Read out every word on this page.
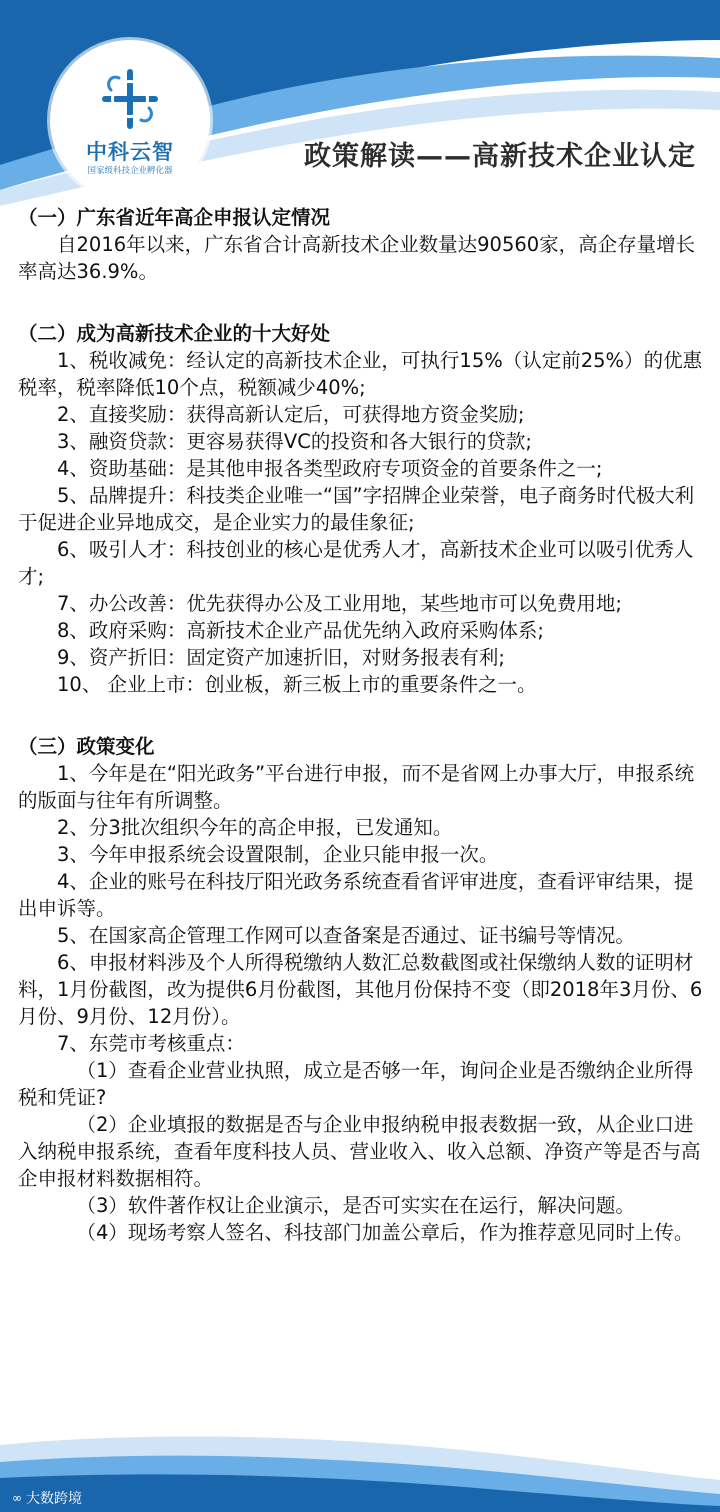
中科云智
国家级科技企业孵化器	政策解读——高新技术企业认定
（一）广东省近年高企申报认定情况

自2016年以来，广东省合计高新技术企业数量达90560家，高企存量增长率高达36.9%。

（二）成为高新技术企业的十大好处

1、税收减免：经认定的高新技术企业，可执行15%（认定前25%）的优惠税率，税率降低10个点，税额减少40%;

2、直接奖励：获得高新认定后，可获得地方资金奖励;

3、融资贷款：更容易获得VC的投资和各大银行的贷款;

4、资助基础：是其他申报各类型政府专项资金的首要条件之一;

5、品牌提升：科技类企业唯一“国”字招牌企业荣誉，电子商务时代极大利于促进企业异地成交，是企业实力的最佳象征;

6、吸引人才：科技创业的核心是优秀人才，高新技术企业可以吸引优秀人才;

7、办公改善：优先获得办公及工业用地，某些地市可以免费用地;

8、政府采购：高新技术企业产品优先纳入政府采购体系;

9、资产折旧：固定资产加速折旧，对财务报表有利;

10、 企业上市：创业板，新三板上市的重要条件之一。

（三）政策变化

1、今年是在“阳光政务”平台进行申报，而不是省网上办事大厅，申报系统的版面与往年有所调整。

2、分3批次组织今年的高企申报，已发通知。

3、今年申报系统会设置限制，企业只能申报一次。

4、企业的账号在科技厅阳光政务系统查看省评审进度，查看评审结果，提出申诉等。

5、在国家高企管理工作网可以查备案是否通过、证书编号等情况。

6、申报材料涉及个人所得税缴纳人数汇总数截图或社保缴纳人数的证明材料，1月份截图，改为提供6月份截图，其他月份保持不变（即2018年3月份、6月份、9月份、12月份）。

7、东莞市考核重点：

（1）查看企业营业执照，成立是否够一年，询问企业是否缴纳企业所得税和凭证?

（2）企业填报的数据是否与企业申报纳税申报表数据一致，从企业口进入纳税申报系统，查看年度科技人员、营业收入、收入总额、净资产等是否与高企申报材料数据相符。

（3）软件著作权让企业演示，是否可实实在在运行，解决问题。

（4）现场考察人签名、科技部门加盖公章后，作为推荐意见同时上传。

∞ 大数跨境
